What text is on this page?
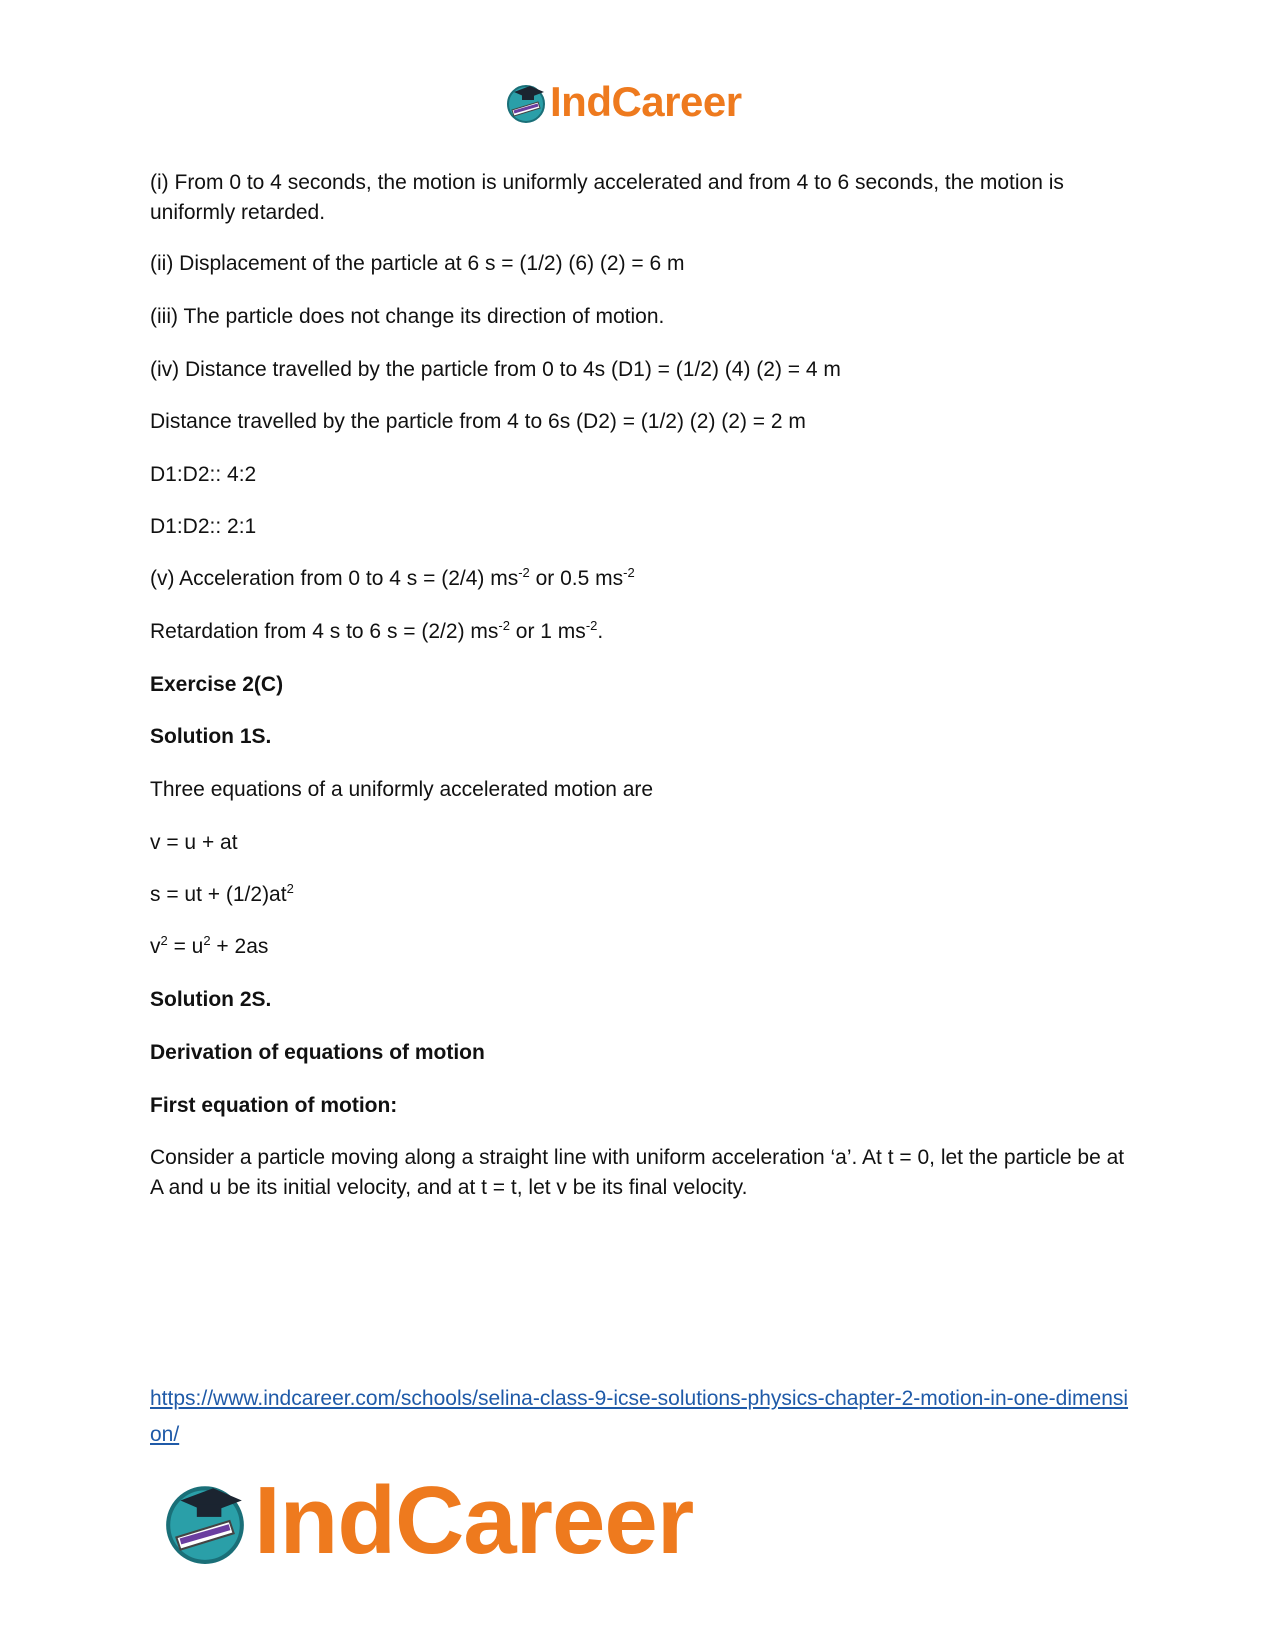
IndCareer

(i) From 0 to 4 seconds, the motion is uniformly accelerated and from 4 to 6 seconds, the motion is uniformly retarded.

(ii) Displacement of the particle at 6 s = (1/2) (6) (2) = 6 m

(iii) The particle does not change its direction of motion.

(iv) Distance travelled by the particle from 0 to 4s (D1) = (1/2) (4) (2) = 4 m

Distance travelled by the particle from 4 to 6s (D2) = (1/2) (2) (2) = 2 m

D1:D2:: 4:2

D1:D2:: 2:1

(v) Acceleration from 0 to 4 s = (2/4) $ms^{-2}$ or 0.5 $ms^{-2}$

Retardation from 4 s to 6 s = (2/2) $ms^{-2}$ or 1 $ms^{-2}$.

Exercise 2(C)

Solution 1S.

Three equations of a uniformly accelerated motion are

v = u + at

s = ut + $(1/2)at^2$

$v^2 = u^2 + 2as$

Solution 2S.

Derivation of equations of motion

First equation of motion:

Consider a particle moving along a straight line with uniform acceleration ‘a’. At t = 0, let the particle be at A and u be its initial velocity, and at t = t, let v be its final velocity.

https://www.indcareer.com/schools/selina-class-9-icse-solutions-physics-chapter-2-motion-in-one-dimension/
IndCareer
